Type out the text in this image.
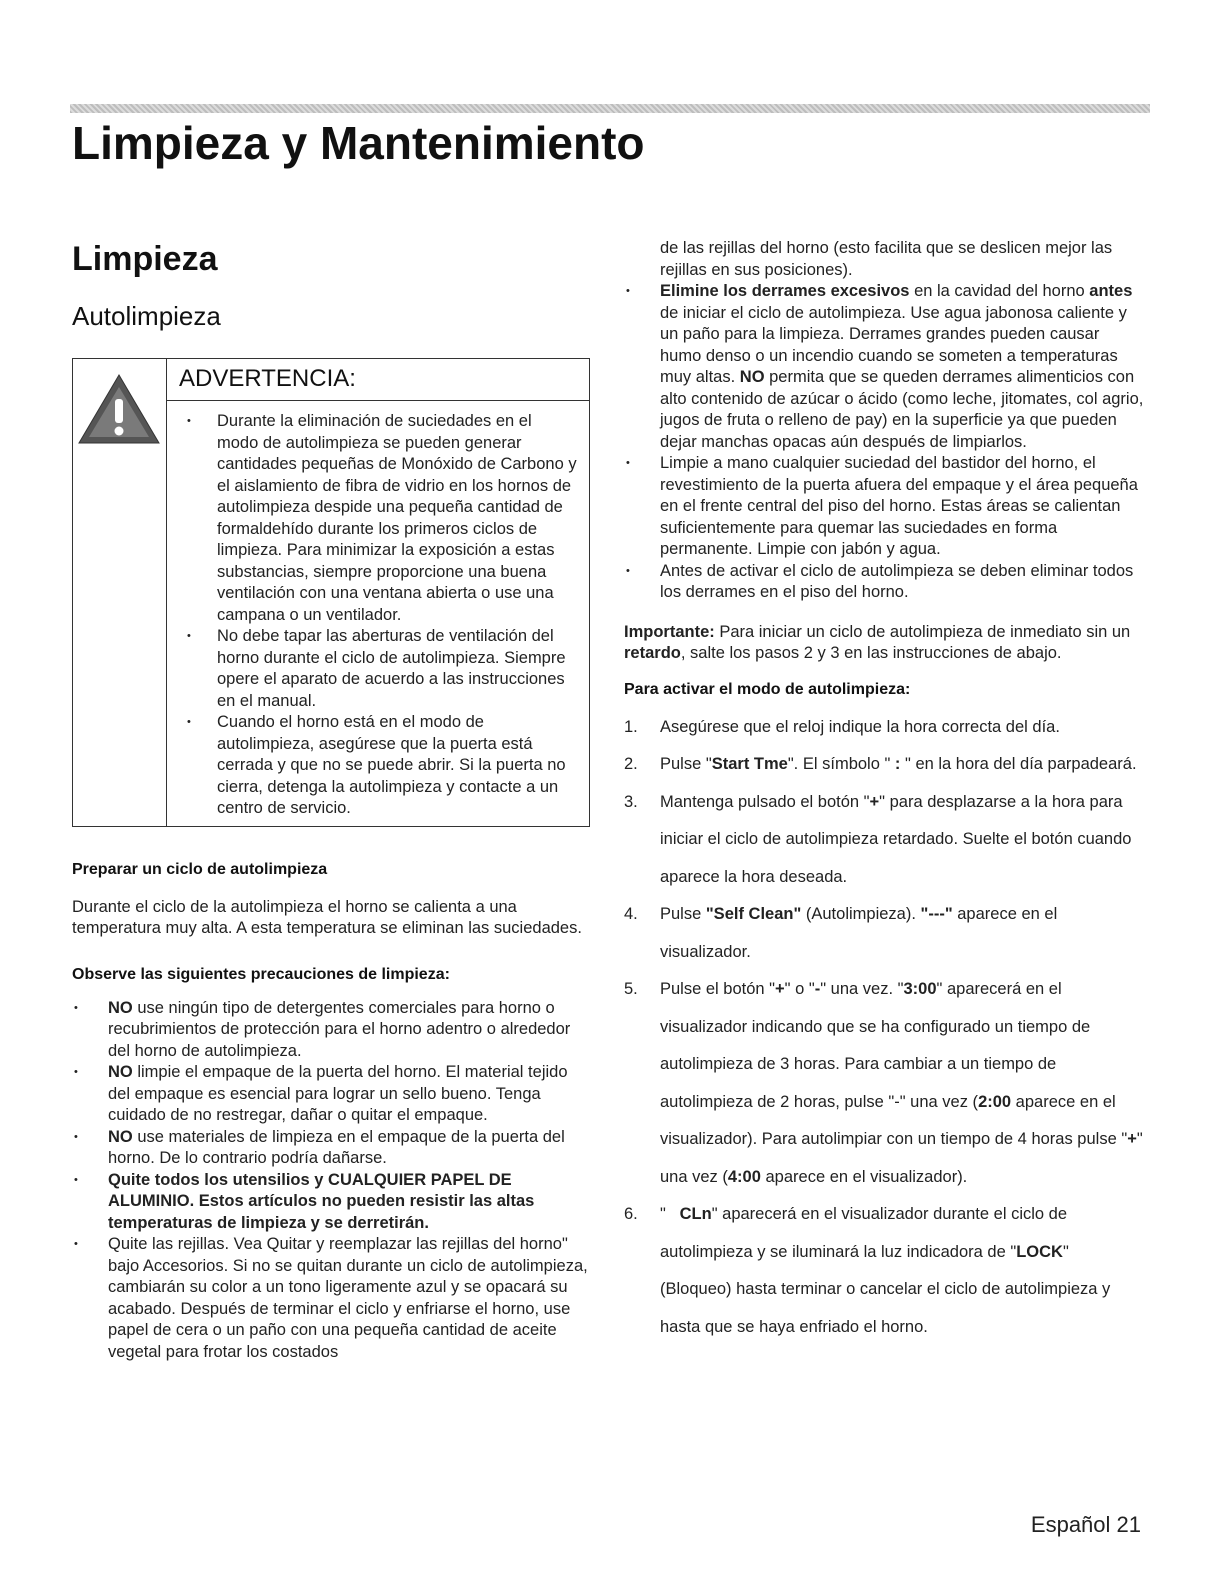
Limpieza y Mantenimiento
Limpieza
Autolimpieza
ADVERTENCIA:
• Durante la eliminación de suciedades en el modo de autolimpieza se pueden generar cantidades pequeñas de Monóxido de Carbono y el aislamiento de fibra de vidrio en los hornos de autolimpieza despide una pequeña cantidad de formaldehído durante los primeros ciclos de limpieza. Para minimizar la exposición a estas substancias, siempre proporcione una buena ventilación con una ventana abierta o use una campana o un ventilador.
• No debe tapar las aberturas de ventilación del horno durante el ciclo de autolimpieza. Siempre opere el aparato de acuerdo a las instrucciones en el manual.
• Cuando el horno está en el modo de autolimpieza, asegúrese que la puerta está cerrada y que no se puede abrir. Si la puerta no cierra, detenga la autolimpieza y contacte a un centro de servicio.
Preparar un ciclo de autolimpieza

Durante el ciclo de la autolimpieza el horno se calienta a una temperatura muy alta. A esta temperatura se eliminan las suciedades.

Observe las siguientes precauciones de limpieza:
• NO use ningún tipo de detergentes comerciales para horno o recubrimientos de protección para el horno adentro o alrededor del horno de autolimpieza.
• NO limpie el empaque de la puerta del horno. El material tejido del empaque es esencial para lograr un sello bueno. Tenga cuidado de no restregar, dañar o quitar el empaque.
• NO use materiales de limpieza en el empaque de la puerta del horno. De lo contrario podría dañarse.
• Quite todos los utensilios y CUALQUIER PAPEL DE ALUMINIO. Estos artículos no pueden resistir las altas temperaturas de limpieza y se derretirán.
• Quite las rejillas. Vea Quitar y reemplazar las rejillas del horno" bajo Accesorios. Si no se quitan durante un ciclo de autolimpieza, cambiarán su color a un tono ligeramente azul y se opacará su acabado. Después de terminar el ciclo y enfriarse el horno, use papel de cera o un paño con una pequeña cantidad de aceite vegetal para frotar los costados
de las rejillas del horno (esto facilita que se deslicen mejor las rejillas en sus posiciones).
• Elimine los derrames excesivos en la cavidad del horno antes de iniciar el ciclo de autolimpieza. Use agua jabonosa caliente y un paño para la limpieza. Derrames grandes pueden causar humo denso o un incendio cuando se someten a temperaturas muy altas. NO permita que se queden derrames alimenticios con alto contenido de azúcar o ácido (como leche, jitomates, col agrio, jugos de fruta o relleno de pay) en la superficie ya que pueden dejar manchas opacas aún después de limpiarlos.
• Limpie a mano cualquier suciedad del bastidor del horno, el revestimiento de la puerta afuera del empaque y el área pequeña en el frente central del piso del horno. Estas áreas se calientan suficientemente para quemar las suciedades en forma permanente. Limpie con jabón y agua.
• Antes de activar el ciclo de autolimpieza se deben eliminar todos los derrames en el piso del horno.

Importante: Para iniciar un ciclo de autolimpieza de inmediato sin un retardo, salte los pasos 2 y 3 en las instrucciones de abajo.

Para activar el modo de autolimpieza:
1. Asegúrese que el reloj indique la hora correcta del día.
2. Pulse "Start Tme". El símbolo " : " en la hora del día parpadeará.
3. Mantenga pulsado el botón "+" para desplazarse a la hora para iniciar el ciclo de autolimpieza retardado. Suelte el botón cuando aparece la hora deseada.
4. Pulse "Self Clean" (Autolimpieza). "---" aparece en el visualizador.
5. Pulse el botón "+" o "-" una vez. "3:00" aparecerá en el visualizador indicando que se ha configurado un tiempo de autolimpieza de 3 horas. Para cambiar a un tiempo de autolimpieza de 2 horas, pulse "-" una vez (2:00 aparece en el visualizador). Para autolimpiar con un tiempo de 4 horas pulse "+" una vez (4:00 aparece en el visualizador).
6. "   CLn" aparecerá en el visualizador durante el ciclo de autolimpieza y se iluminará la luz indicadora de "LOCK" (Bloqueo) hasta terminar o cancelar el ciclo de autolimpieza y hasta que se haya enfriado el horno.
Español 21
